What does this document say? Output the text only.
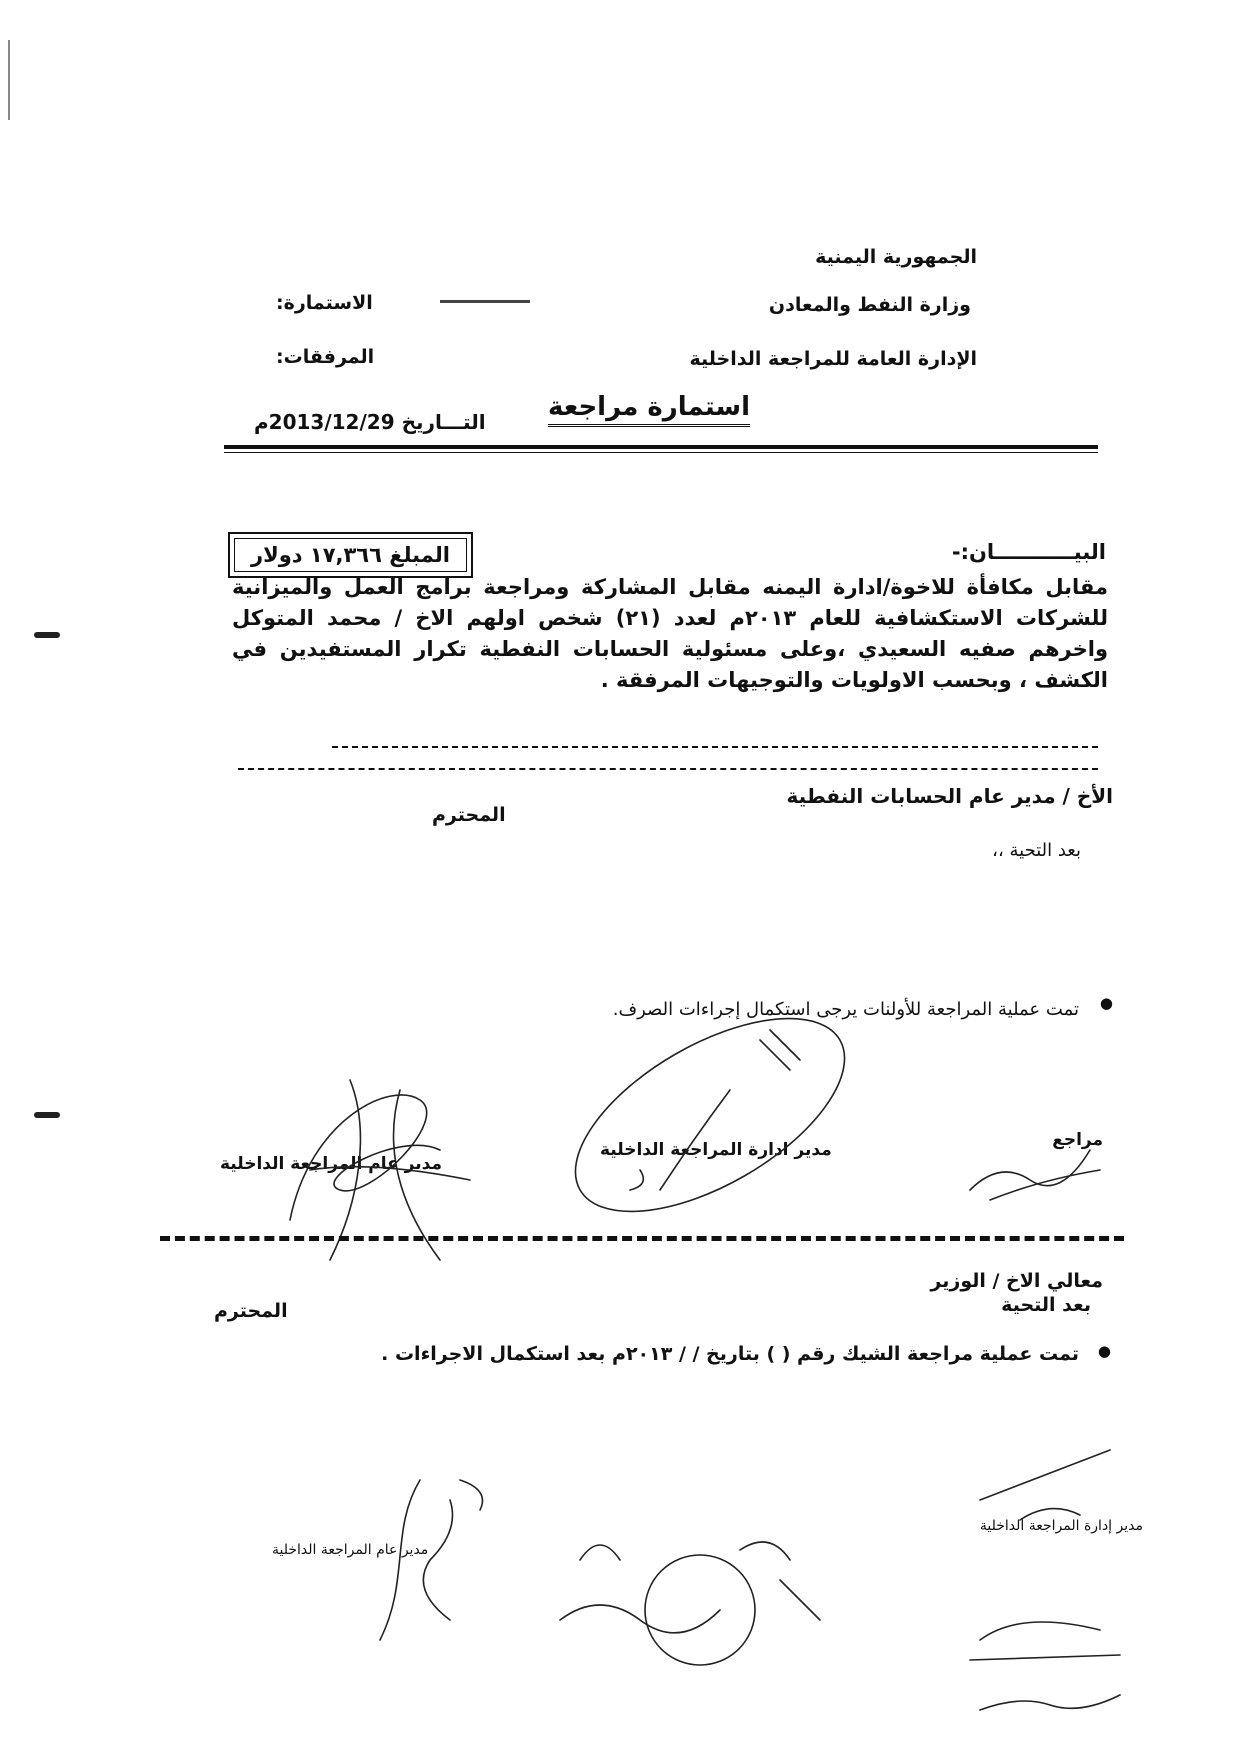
الجمهورية اليمنية
وزارة النفط والمعادن
الإدارة العامة للمراجعة الداخلية
الاستمارة:
المرفقات:
استمارة مراجعة
التـــاريخ 2013/12/29م
المبلغ ١٧,٣٦٦ دولار	البيـــــــــــان:-
مقابل مكافأة للاخوة/ادارة اليمنه مقابل المشاركة ومراجعة برامج العمل والميزانية للشركات الاستكشافية للعام ٢٠١٣م لعدد (٢١) شخص اولهم الاخ / محمد المتوكل واخرهم صفيه السعيدي ،وعلى مسئولية الحسابات النفطية تكرار المستفيدين في الكشف ، وبحسب الاولويات والتوجيهات المرفقة .
الأخ / مدير عام الحسابات النفطية
المحترم
بعد التحية ،،
●
تمت عملية المراجعة للأولنات يرجى استكمال إجراءات الصرف.
مراجع
مدير ادارة المراجعة الداخلية
مدير عام المراجعة الداخلية
معالي الاخ / الوزير
بعد التحية
المحترم
●
تمت عملية مراجعة الشيك رقم ( ) بتاريخ / / ٢٠١٣م بعد استكمال الاجراءات .
مدير إدارة المراجعة الداخلية
مدير عام المراجعة الداخلية
